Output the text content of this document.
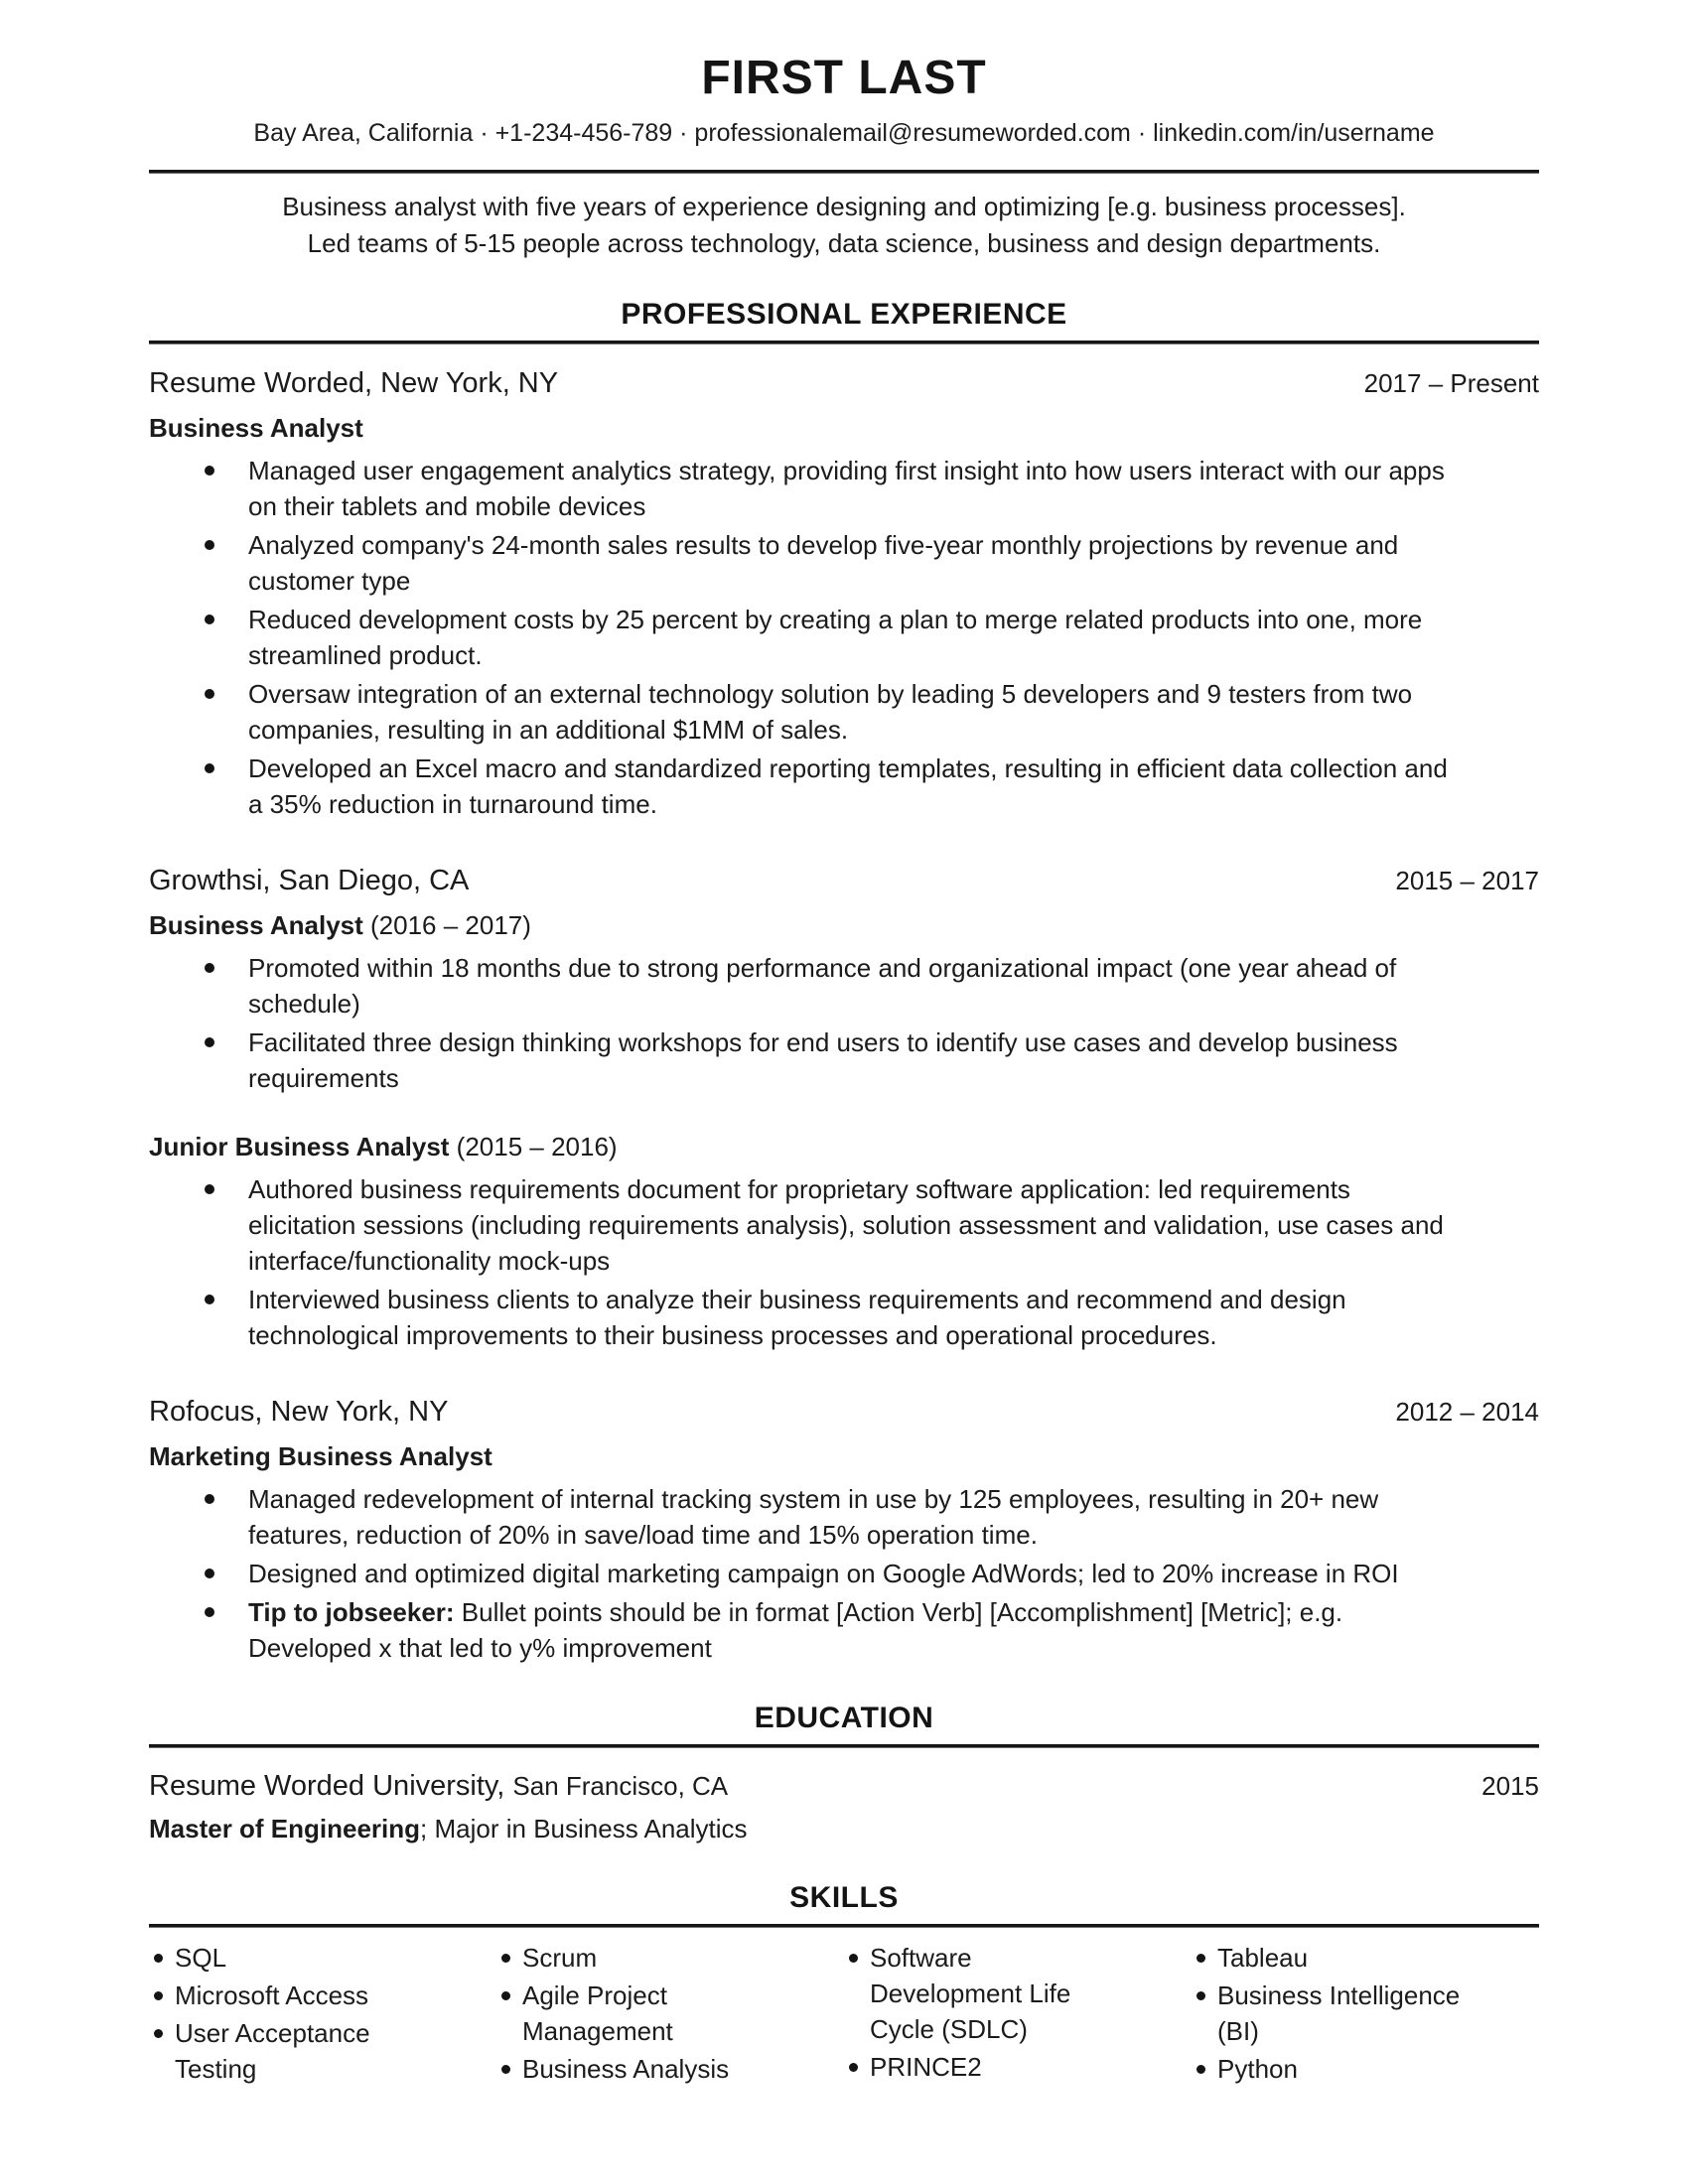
FIRST LAST
Bay Area, California · +1-234-456-789 · professionalemail@resumeworded.com · linkedin.com/in/username

Business analyst with five years of experience designing and optimizing [e.g. business processes].
Led teams of 5-15 people across technology, data science, business and design departments.

PROFESSIONAL EXPERIENCE
Resume Worded, New York, NY	2017 – Present
Business Analyst
Managed user engagement analytics strategy, providing first insight into how users interact with our apps on their tablets and mobile devices
Analyzed company's 24-month sales results to develop five-year monthly projections by revenue and customer type
Reduced development costs by 25 percent by creating a plan to merge related products into one, more streamlined product.
Oversaw integration of an external technology solution by leading 5 developers and 9 testers from two companies, resulting in an additional $1MM of sales.
Developed an Excel macro and standardized reporting templates, resulting in efficient data collection and a 35% reduction in turnaround time.
Growthsi, San Diego, CA	2015 – 2017
Business Analyst (2016 – 2017)
Promoted within 18 months due to strong performance and organizational impact (one year ahead of schedule)
Facilitated three design thinking workshops for end users to identify use cases and develop business requirements
Junior Business Analyst (2015 – 2016)
Authored business requirements document for proprietary software application: led requirements elicitation sessions (including requirements analysis), solution assessment and validation, use cases and interface/functionality mock-ups
Interviewed business clients to analyze their business requirements and recommend and design technological improvements to their business processes and operational procedures.
Rofocus, New York, NY	2012 – 2014
Marketing Business Analyst
Managed redevelopment of internal tracking system in use by 125 employees, resulting in 20+ new features, reduction of 20% in save/load time and 15% operation time.
Designed and optimized digital marketing campaign on Google AdWords; led to 20% increase in ROI
Tip to jobseeker: Bullet points should be in format [Action Verb] [Accomplishment] [Metric]; e.g. Developed x that led to y% improvement
EDUCATION
Resume Worded University, San Francisco, CA	2015
Master of Engineering; Major in Business Analytics
SKILLS
SQL
Microsoft Access
User Acceptance Testing
Scrum
Agile Project Management
Business Analysis
Software Development Life Cycle (SDLC)
PRINCE2
Tableau
Business Intelligence (BI)
Python
